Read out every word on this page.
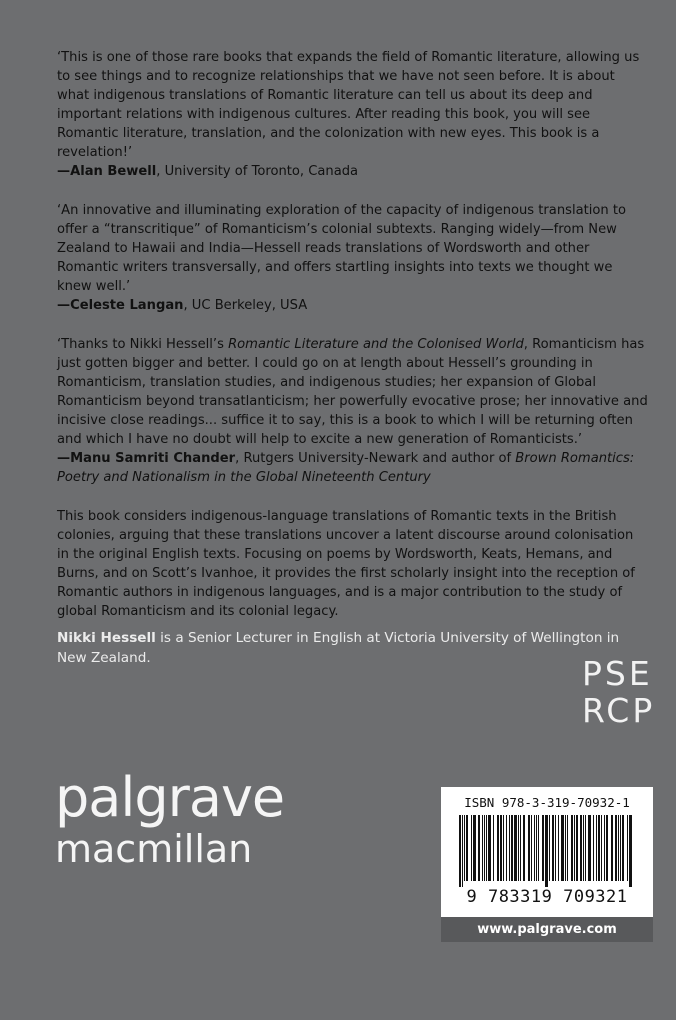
‘This is one of those rare books that expands the field of Romantic literature, allowing us to see things and to recognize relationships that we have not seen before. It is about what indigenous translations of Romantic literature can tell us about its deep and important relations with indigenous cultures. After reading this book, you will see Romantic literature, translation, and the colonization with new eyes. This book is a revelation!’
—Alan Bewell, University of Toronto, Canada

‘An innovative and illuminating exploration of the capacity of indigenous translation to offer a “transcritique” of Romanticism’s colonial subtexts. Ranging widely—from New Zealand to Hawaii and India—Hessell reads translations of Wordsworth and other Romantic writers transversally, and offers startling insights into texts we thought we knew well.’
—Celeste Langan, UC Berkeley, USA

‘Thanks to Nikki Hessell’s Romantic Literature and the Colonised World, Romanticism has just gotten bigger and better. I could go on at length about Hessell’s grounding in Romanticism, translation studies, and indigenous studies; her expansion of Global Romanticism beyond transatlanticism; her powerfully evocative prose; her innovative and incisive close readings... suffice it to say, this is a book to which I will be returning often and which I have no doubt will help to excite a new generation of Romanticists.’
—Manu Samriti Chander, Rutgers University-Newark and author of Brown Romantics: Poetry and Nationalism in the Global Nineteenth Century

This book considers indigenous-language translations of Romantic texts in the British colonies, arguing that these translations uncover a latent discourse around colonisation in the original English texts. Focusing on poems by Wordsworth, Keats, Hemans, and Burns, and on Scott’s Ivanhoe, it provides the first scholarly insight into the reception of Romantic authors in indigenous languages, and is a major contribution to the study of global Romanticism and its colonial legacy.

Nikki Hessell is a Senior Lecturer in English at Victoria University of Wellington in New Zealand.	PSE
RCP
palgrave
macmillan
ISBN 978-3-319-70932-1
9 783319 709321
www.palgrave.com
